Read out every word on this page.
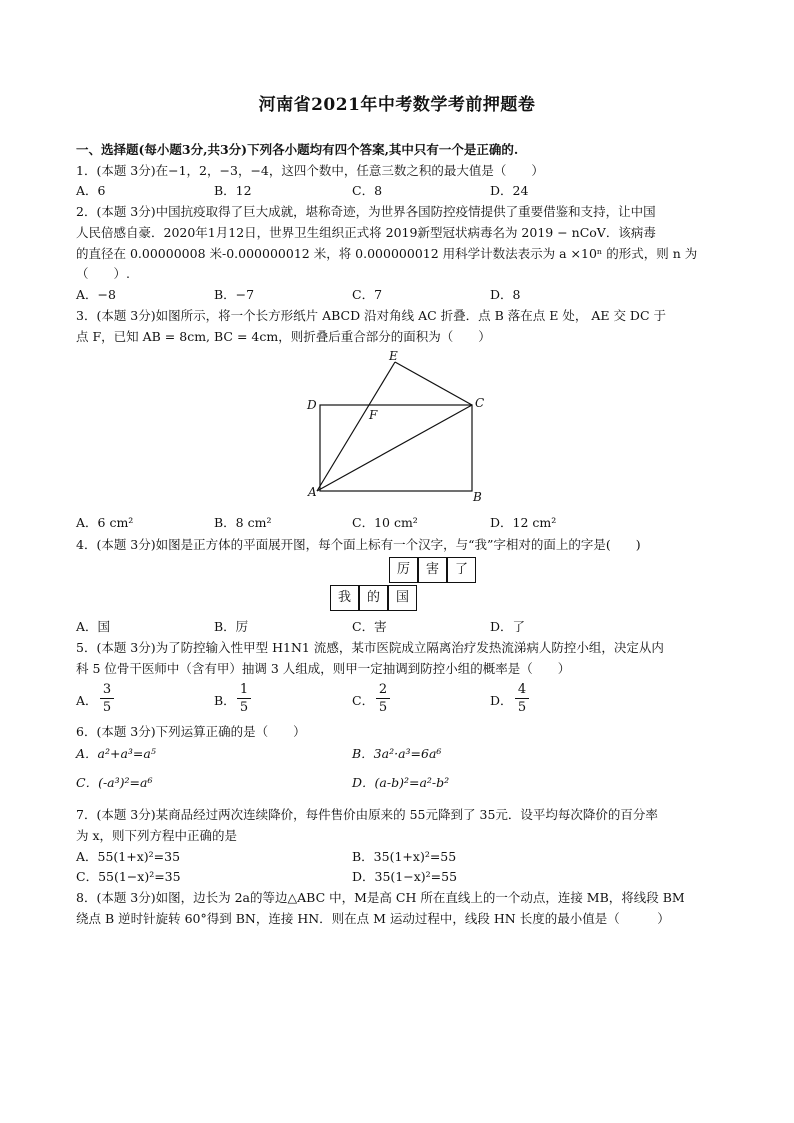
河南省2021年中考数学考前押题卷
一、选择题(每小题3分,共3分)下列各小题均有四个答案,其中只有一个是正确的.
1．(本题 3分)在−1，2，−3，−4，这四个数中，任意三数之积的最大值是（　　）
A．6	B．12	C．8	D．24
2．(本题 3分)中国抗疫取得了巨大成就，堪称奇迹，为世界各国防控疫情提供了重要借鉴和支持，让中国
人民倍感自豪．2020年1月12日，世界卫生组织正式将 2019新型冠状病毒名为 2019 − nCoV．该病毒
的直径在 0.00000008 米-0.000000012 米，将 0.000000012 用科学计数法表示为 a ×10ⁿ 的形式，则 n 为
（　　）.
A．−8	B．−7	C．7	D．8
3．(本题 3分)如图所示，将一个长方形纸片 ABCD 沿对角线 AC 折叠．点 B 落在点 E 处， AE 交 DC 于
点 F，已知 AB = 8cm, BC = 4cm，则折叠后重合部分的面积为（　　）
E
D
F
C
A	B
A．6 cm²	B．8 cm²	C．10 cm²	D．12 cm²
4．(本题 3分)如图是正方体的平面展开图，每个面上标有一个汉字，与“我”字相对的面上的字是(　　)
厉	害	了
我	的	国
A．国	B．厉	C．害	D．了
5．(本题 3分)为了防控输入性甲型 H1N1 流感，某市医院成立隔离治疗发热流涕病人防控小组，决定从内
科 5 位骨干医师中（含有甲）抽调 3 人组成，则甲一定抽调到防控小组的概率是（　　）
A．
3
5	B．
1
5	C．
2
5	D．
4
5
6．(本题 3分)下列运算正确的是（　　）
A．a²+a³=a⁵	B．3a²·a³=6a⁶
C．(-a³)²=a⁶	D．(a-b)²=a²-b²
7．(本题 3分)某商品经过两次连续降价，每件售价由原来的 55元降到了 35元．设平均每次降价的百分率
为 x，则下列方程中正确的是
A．55(1+x)²=35	B．35(1+x)²=55
C．55(1−x)²=35	D．35(1−x)²=55
8．(本题 3分)如图，边长为 2a的等边△ABC 中，M是高 CH 所在直线上的一个动点，连接 MB，将线段 BM
绕点 B 逆时针旋转 60°得到 BN，连接 HN．则在点 M 运动过程中，线段 HN 长度的最小值是（　　　）
